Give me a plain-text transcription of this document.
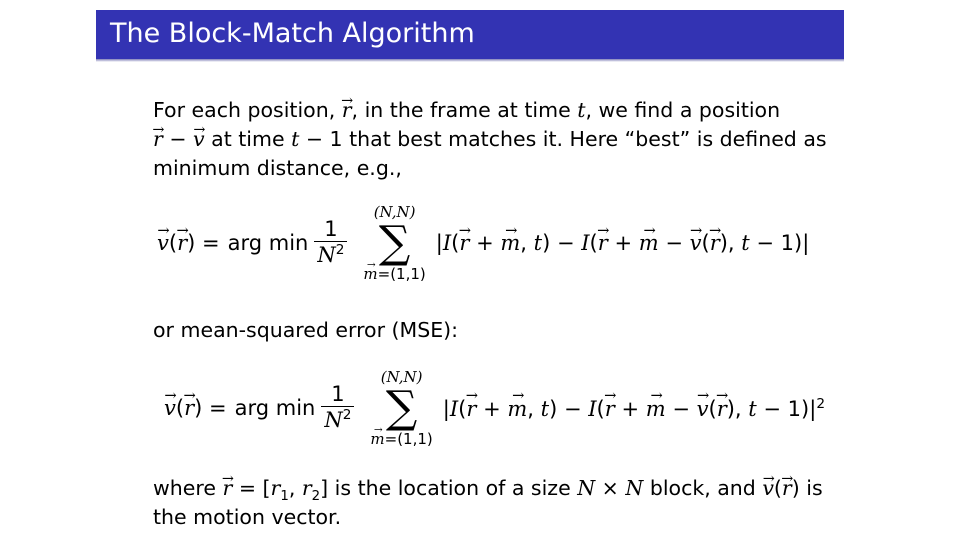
The Block-Match Algorithm
For each position, → r, in the frame at time t, we find a position
→ r − → v at time t − 1 that best matches it. Here “best” is defined as
minimum distance, e.g.,
→ v ( → r ) = arg $\min \frac{1}{N^2}$
(N,N)
∑
→ m=(1,1)
|I(→ r + → m, t) − I(→ r + → m − → v(→ r), t − 1)|
or mean-squared error (MSE):
→ v ( → r ) = arg $\min \frac{1}{N^2}$
(N,N)
∑
→ m=(1,1)
|I(→ r + → m, t) − I(→ r + → m − → v(→ r), $t - 1)|^2$
where → $r = [r_1$, $r_2$] is the location of a size N × N block, and → v(→ r) is
the motion vector.
